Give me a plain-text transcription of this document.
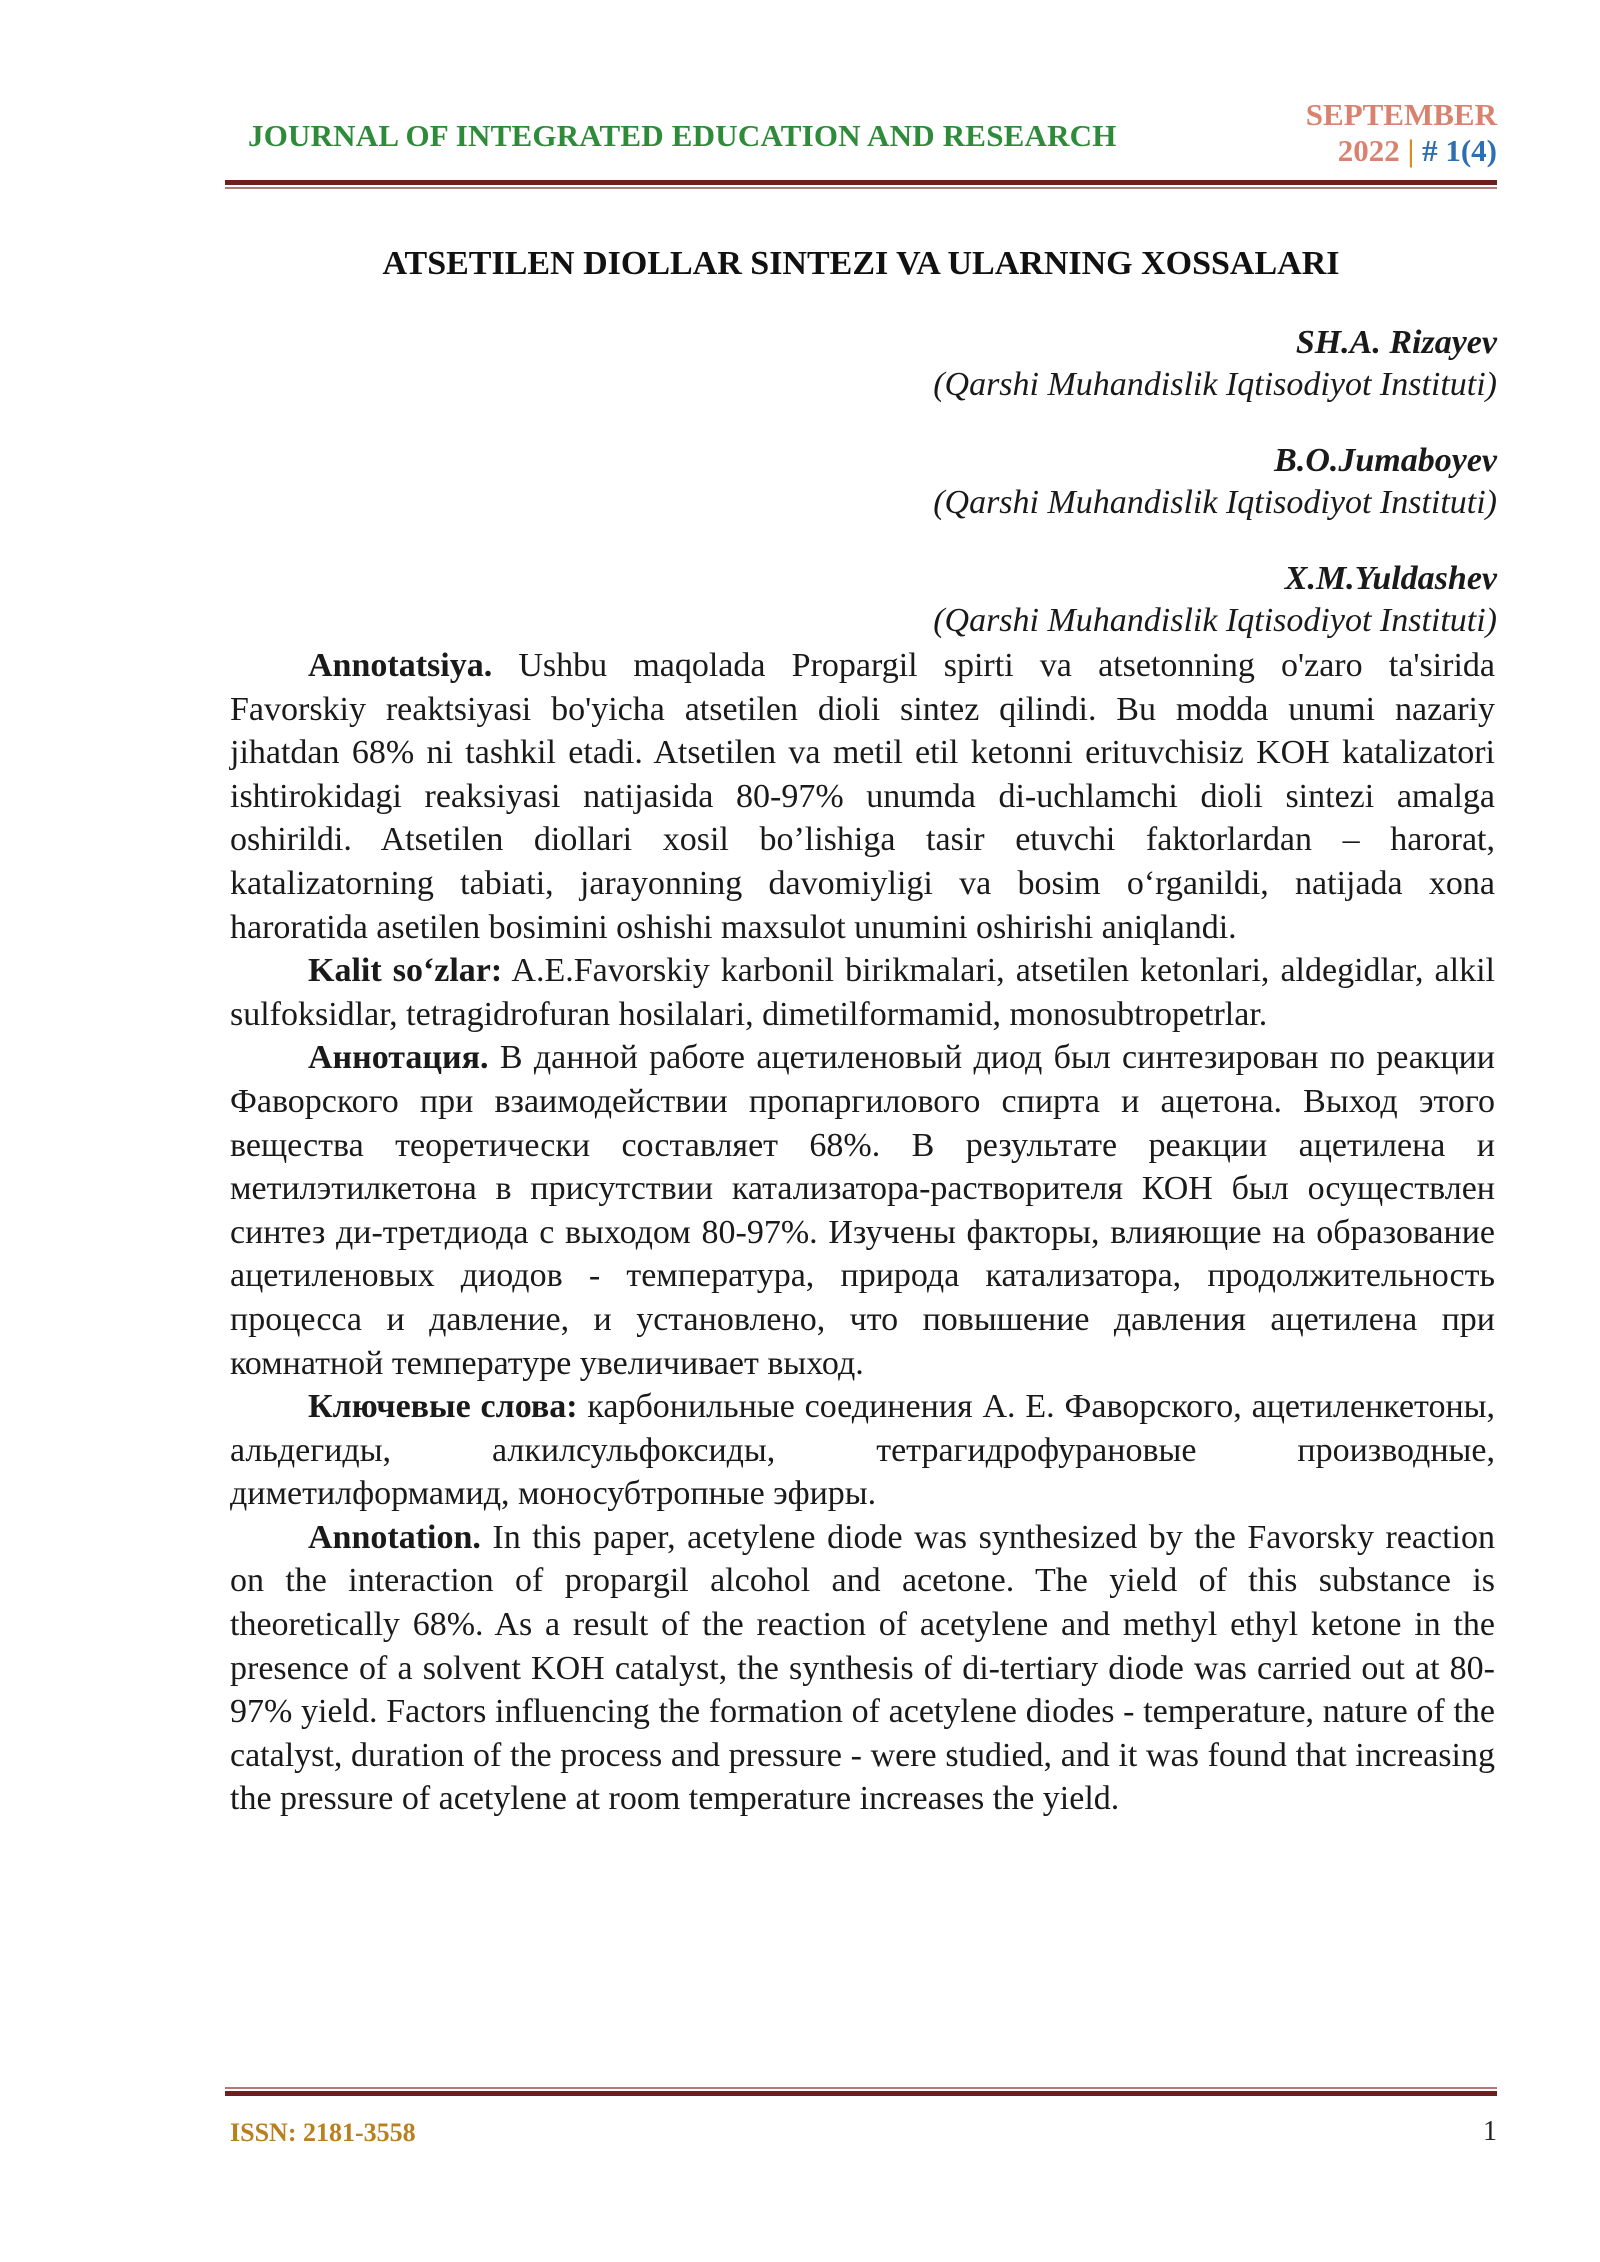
JOURNAL OF INTEGRATED EDUCATION AND RESEARCH
SEPTEMBER
2022 | # 1(4)
ATSETILEN DIOLLAR SINTEZI VA ULARNING XOSSALARI
SH.A. Rizayev
(Qarshi Muhandislik Iqtisodiyot Instituti)
B.O.Jumaboyev
(Qarshi Muhandislik Iqtisodiyot Instituti)
X.M.Yuldashev
(Qarshi Muhandislik Iqtisodiyot Instituti)

Annotatsiya. Ushbu maqolada Propargil spirti va atsetonning o'zaro ta'sirida Favorskiy reaktsiyasi bo'yicha atsetilen dioli sintez qilindi. Bu modda unumi nazariy jihatdan 68% ni tashkil etadi. Atsetilen va metil etil ketonni erituvchisiz KOH katalizatori ishtirokidagi reaksiyasi natijasida 80-97% unumda di-uchlamchi dioli sintezi amalga oshirildi. Atsetilen diollari xosil bo’lishiga tasir etuvchi faktorlardan – harorat, katalizatorning tabiati, jarayonning davomiyligi va bosim o‘rganildi, natijada xona haroratida asetilen bosimini oshishi maxsulot unumini oshirishi aniqlandi.

Kalit so‘zlar: A.E.Favorskiy karbonil birikmalari, atsetilen ketonlari, aldegidlar, alkil sulfoksidlar, tetragidrofuran hosilalari, dimetilformamid, monosubtropetrlar.

Аннотация. В данной работе ацетиленовый диод был синтезирован по реакции Фаворского при взаимодействии пропаргилового спирта и ацетона. Выход этого вещества теоретически составляет 68%. В результате реакции ацетилена и метилэтилкетона в присутствии катализатора-растворителя КОН был осуществлен синтез ди-третдиода с выходом 80-97%. Изучены факторы, влияющие на образование ацетиленовых диодов - температура, природа катализатора, продолжительность процесса и давление, и установлено, что повышение давления ацетилена при комнатной температуре увеличивает выход.

Ключевые слова: карбонильные соединения А. Е. Фаворского, ацетиленкетоны, альдегиды, алкилсульфоксиды, тетрагидрофурановые производные, диметилформамид, моносубтропные эфиры.

Annotation. In this paper, acetylene diode was synthesized by the Favorsky reaction on the interaction of propargil alcohol and acetone. The yield of this substance is theoretically 68%. As a result of the reaction of acetylene and methyl ethyl ketone in the presence of a solvent KOH catalyst, the synthesis of di-tertiary diode was carried out at 80-97% yield. Factors influencing the formation of acetylene diodes - temperature, nature of the catalyst, duration of the process and pressure - were studied, and it was found that increasing the pressure of acetylene at room temperature increases the yield.

ISSN: 2181-3558	1
